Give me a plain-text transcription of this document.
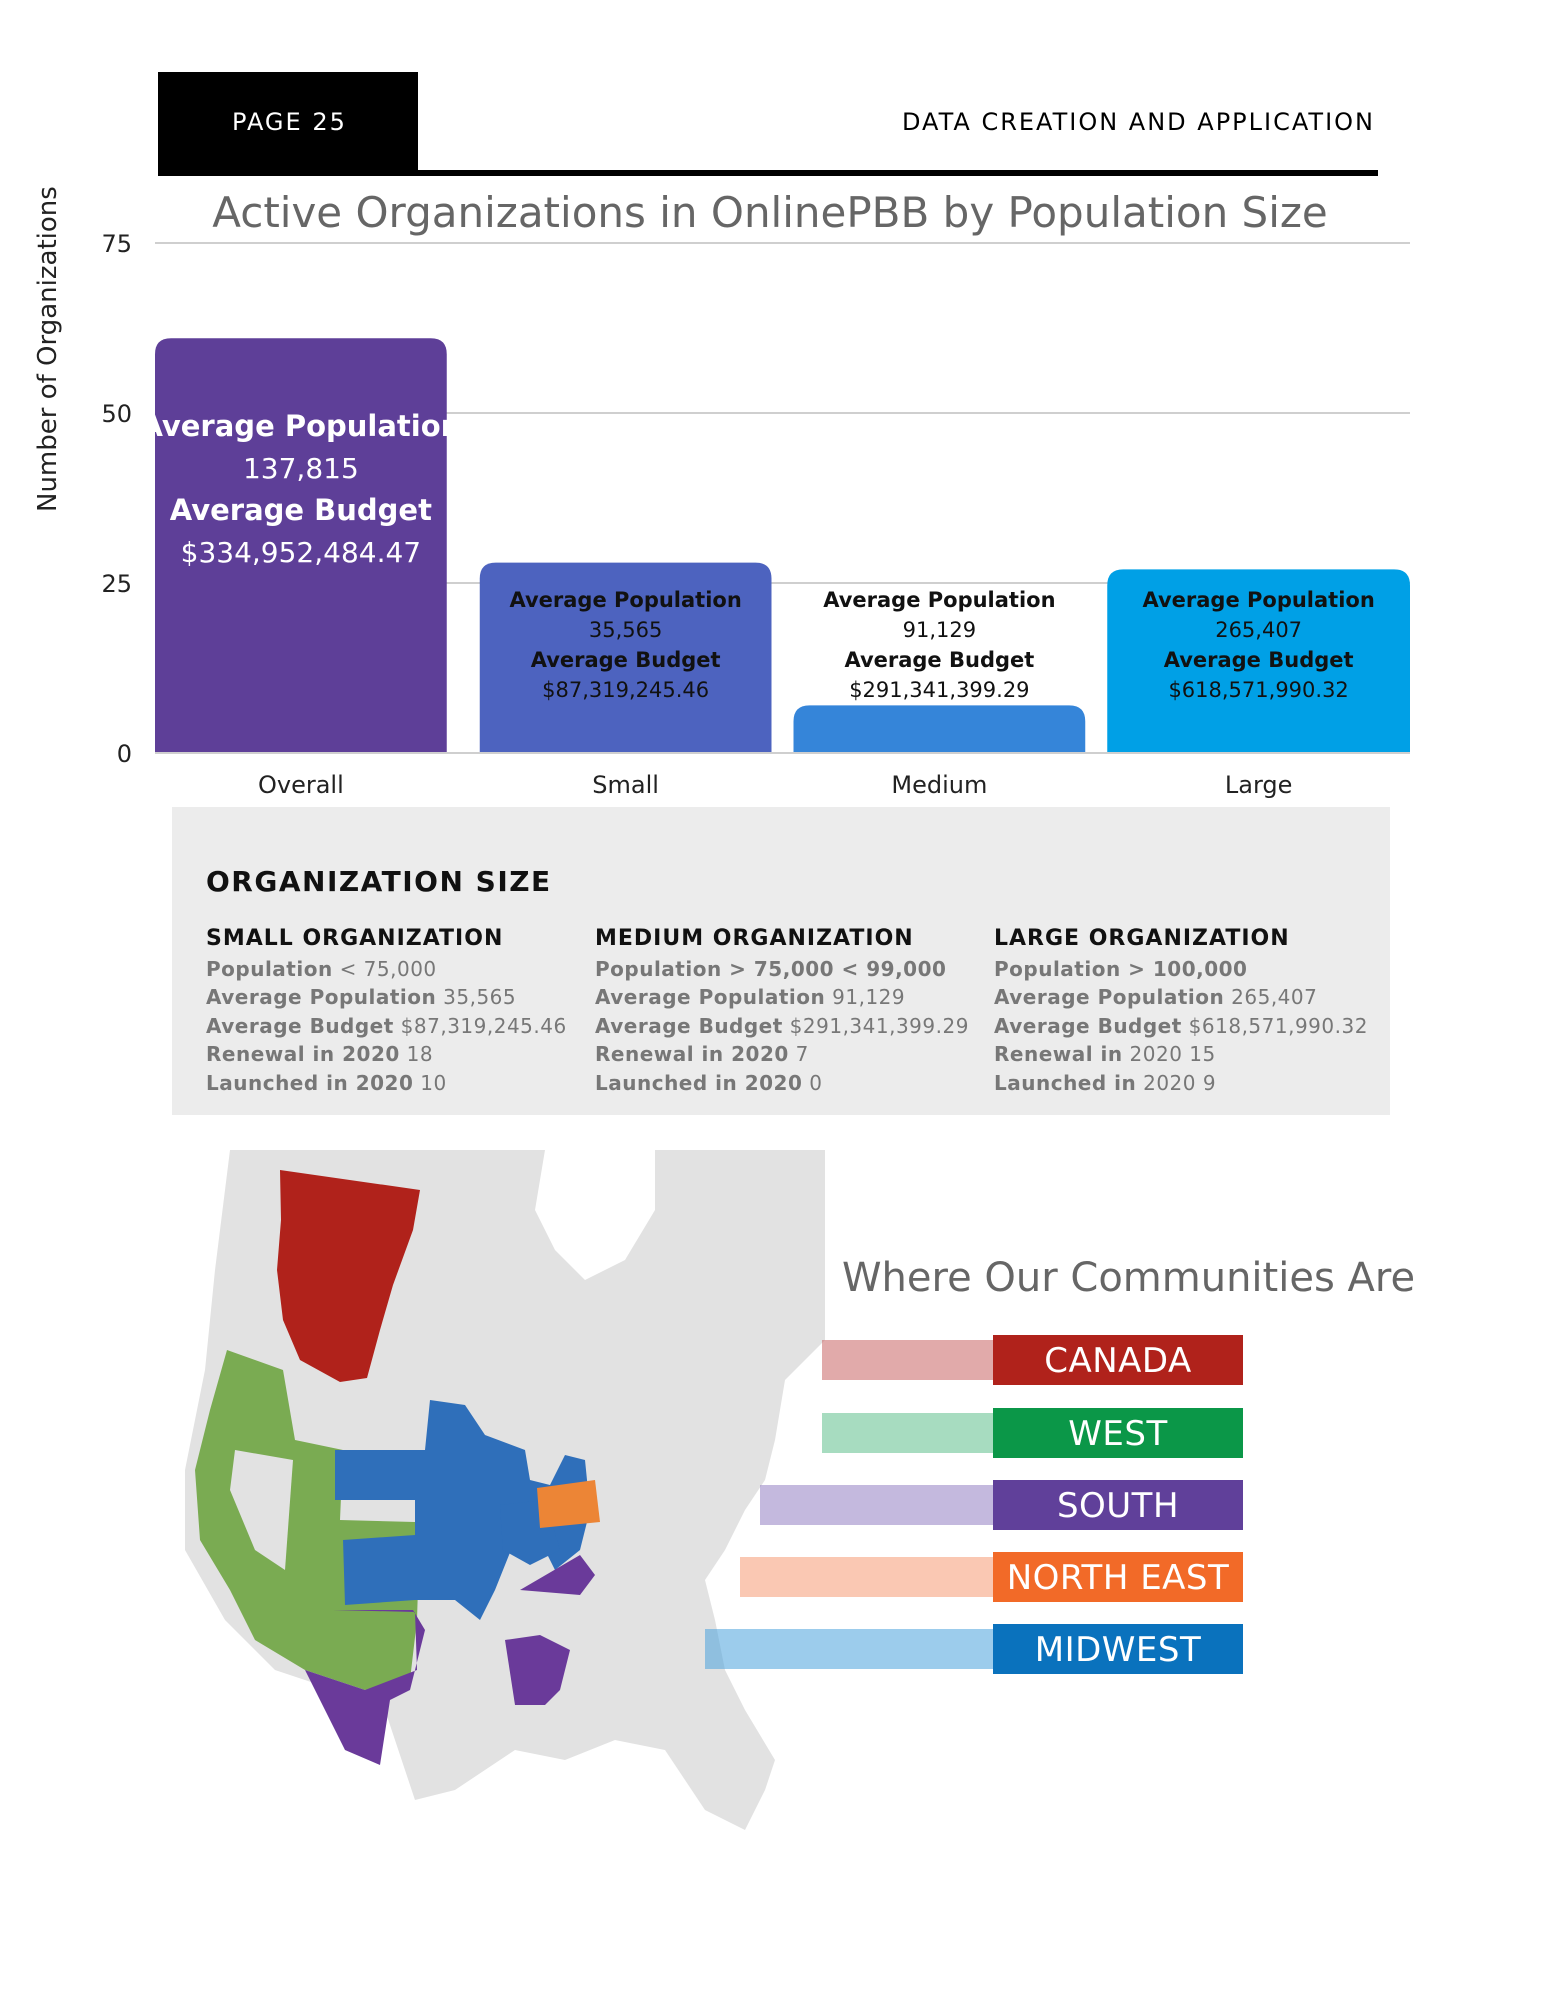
PAGE 25	DATA CREATION AND APPLICATION
Active Organizations in OnlinePBB by Population Size
Number of Organizations
0
25
50
75
Overall
Average Population
137,815
Average Budget
$334,952,484.47
Small
Average Population
35,565
Average Budget
$87,319,245.46
Medium
Average Population
91,129
Average Budget
$291,341,399.29
Large
Average Population
265,407
Average Budget
$618,571,990.32
ORGANIZATION SIZE
SMALL ORGANIZATION
Population < 75,000
Average Population 35,565
Average Budget $87,319,245.46
Renewal in 2020 18
Launched in 2020 10
MEDIUM ORGANIZATION
Population > 75,000 < 99,000
Average Population 91,129
Average Budget $291,341,399.29
Renewal in 2020 7
Launched in 2020 0
LARGE ORGANIZATION
Population > 100,000
Average Population 265,407
Average Budget $618,571,990.32
Renewal in 2020 15
Launched in 2020 9
Where Our Communities Are
CANADA
WEST
SOUTH
NORTH EAST
MIDWEST
